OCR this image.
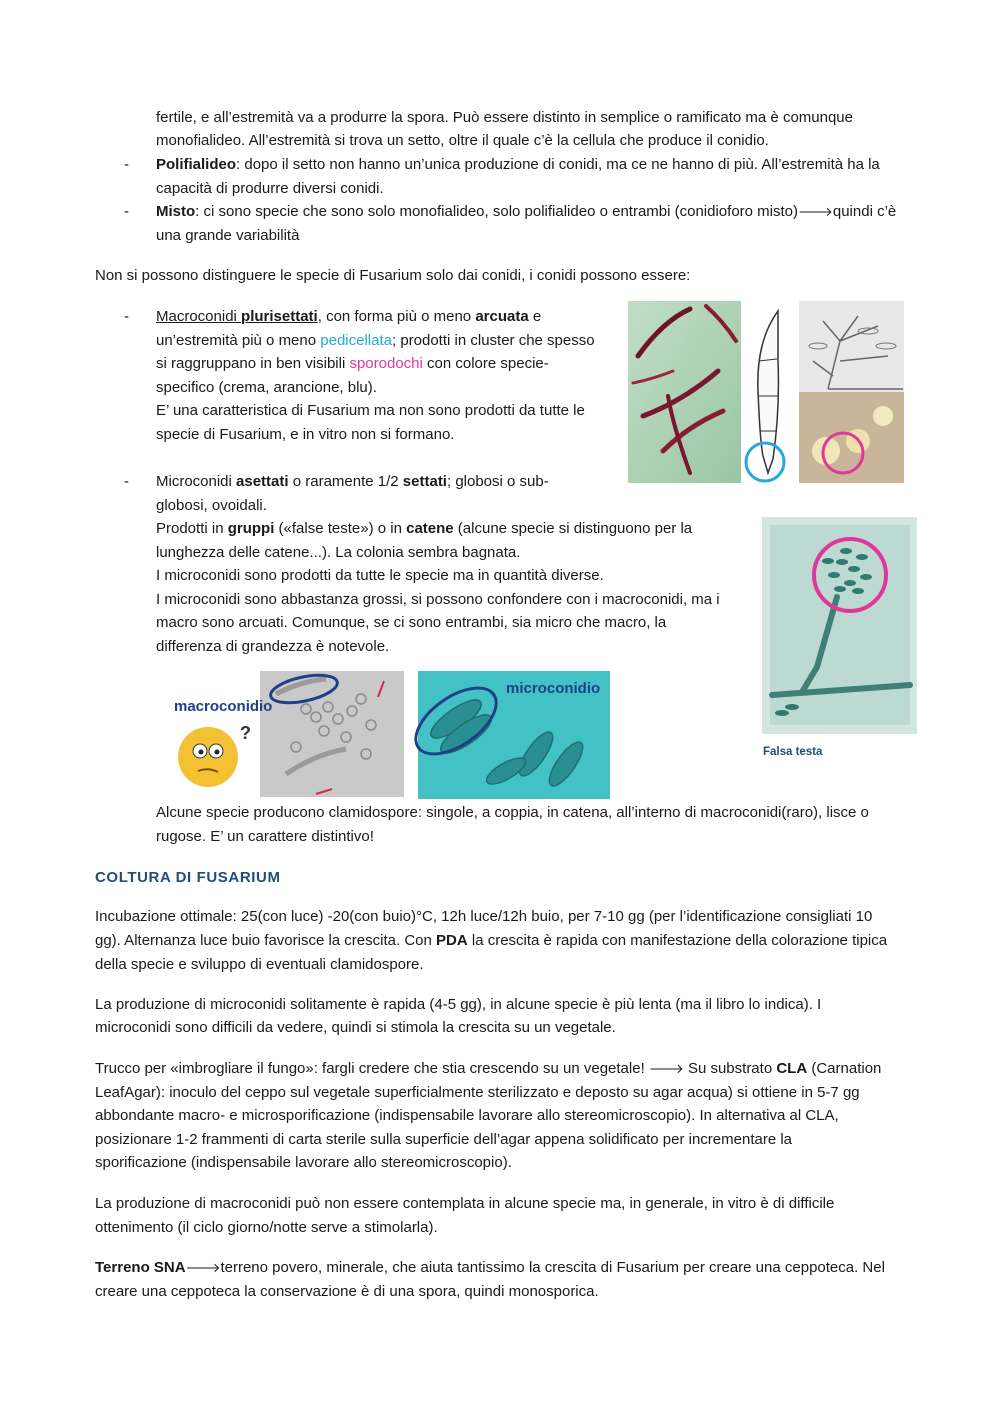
fertile, e all’estremità va a produrre la spora. Può essere distinto in semplice o ramificato ma è comunque
monofialideo. All’estremità si trova un setto, oltre il quale c’è la cellula che produce il conidio.
- Polifialideo: dopo il setto non hanno un’unica produzione di conidi, ma ce ne hanno di più. All’estremità ha la
capacità di produrre diversi conidi.
- Misto: ci sono specie che sono solo monofialideo, solo polifialideo o entrambi (conidioforo misto)🡒quindi c’è
una grande variabilità
Non si possono distinguere le specie di Fusarium solo dai conidi, i conidi possono essere:
- Macroconidi plurisettati, con forma più o meno arcuata e
un’estremità più o meno pedicellata; prodotti in cluster che spesso
si raggruppano in ben visibili sporodochi con colore specie-
specifico (crema, arancione, blu).
E’ una caratteristica di Fusarium ma non sono prodotti da tutte le
specie di Fusarium, e in vitro non si formano.
- Microconidi asettati o raramente 1/2 settati; globosi o sub-
globosi, ovoidali.
Prodotti in gruppi («false teste») o in catene (alcune specie si distinguono per la
lunghezza delle catene...). La colonia sembra bagnata.
I microconidi sono prodotti da tutte le specie ma in quantità diverse.
I microconidi sono abbastanza grossi, si possono confondere con i macroconidi, ma i
macro sono arcuati. Comunque, se ci sono entrambi, sia micro che macro, la
differenza di grandezza è notevole.
Falsa testa
macroconidio
?
microconidio
Alcune specie producono clamidospore: singole, a coppia, in catena, all’interno di macroconidi(raro), lisce o
rugose. E’ un carattere distintivo!
COLTURA DI FUSARIUM
Incubazione ottimale: 25(con luce) -20(con buio)°C, 12h luce/12h buio, per 7-10 gg (per l’identificazione consigliati 10
gg). Alternanza luce buio favorisce la crescita. Con PDA la crescita è rapida con manifestazione della colorazione tipica
della specie e sviluppo di eventuali clamidospore.
La produzione di microconidi solitamente è rapida (4-5 gg), in alcune specie è più lenta (ma il libro lo indica). I
microconidi sono difficili da vedere, quindi si stimola la crescita su un vegetale.
Trucco per «imbrogliare il fungo»: fargli credere che stia crescendo su un vegetale! 🡒 Su substrato CLA (Carnation
LeafAgar): inoculo del ceppo sul vegetale superficialmente sterilizzato e deposto su agar acqua) si ottiene in 5-7 gg
abbondante macro- e microsporificazione (indispensabile lavorare allo stereomicroscopio). In alternativa al CLA,
posizionare 1-2 frammenti di carta sterile sulla superficie dell’agar appena solidificato per incrementare la
sporificazione (indispensabile lavorare allo stereomicroscopio).
La produzione di macroconidi può non essere contemplata in alcune specie ma, in generale, in vitro è di difficile
ottenimento (il ciclo giorno/notte serve a stimolarla).
Terreno SNA🡒terreno povero, minerale, che aiuta tantissimo la crescita di Fusarium per creare una ceppoteca. Nel
creare una ceppoteca la conservazione è di una spora, quindi monosporica.
